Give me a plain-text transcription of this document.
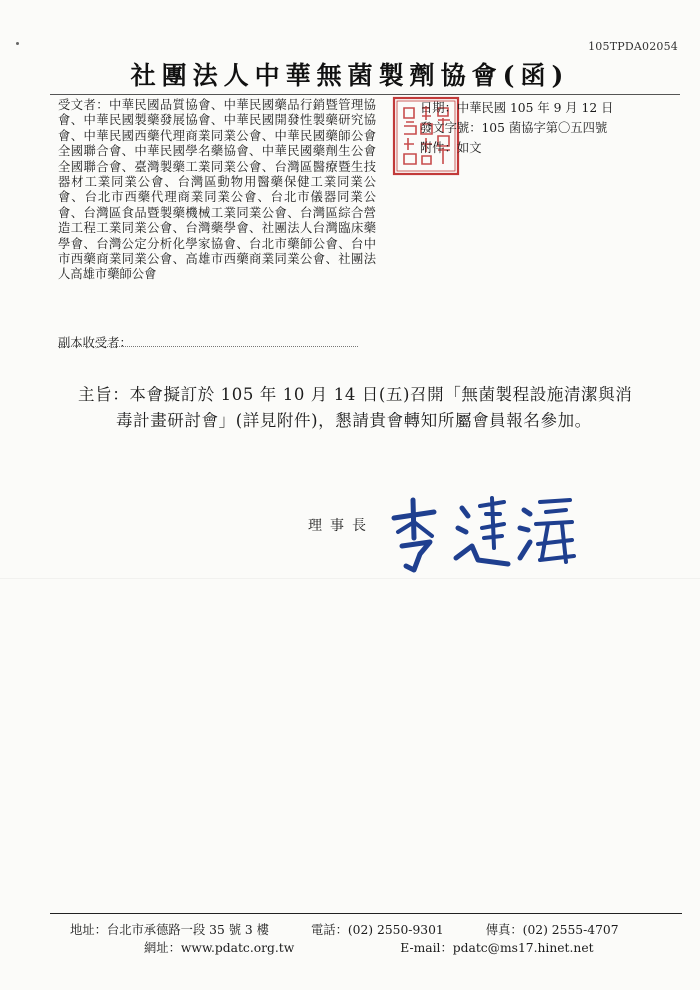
105TPDA02054
社團法人中華無菌製劑協會(函)
受文者：中華民國品質協會、中華民國藥品行銷暨管理協會、中華民國製藥發展協會、中華民國開發性製藥研究協會、中華民國西藥代理商業同業公會、中華民國藥師公會全國聯合會、中華民國學名藥協會、中華民國藥劑生公會全國聯合會、臺灣製藥工業同業公會、台灣區醫療暨生技器材工業同業公會、台灣區動物用醫藥保健工業同業公會、台北市西藥代理商業同業公會、台北市儀器同業公會、台灣區食品暨製藥機械工業同業公會、台灣區綜合營造工程工業同業公會、台灣藥學會、社團法人台灣臨床藥學會、台灣公定分析化學家協會、台北市藥師公會、台中市西藥商業同業公會、高雄市西藥商業同業公會、社團法人高雄市藥師公會
日期：中華民國 105 年 9 月 12 日
發文字號：105 菌協字第〇五四號
附件：如文
副本收受者：
主旨：本會擬訂於 105 年 10 月 14 日(五)召開「無菌製程設施清潔與消
毒計畫研討會」(詳見附件)，懇請貴會轉知所屬會員報名參加。
理事長
地址：台北市承德路一段 35 號 3 樓	電話：(02) 2550-9301	傳真：(02) 2555-4707
網址：www.pdatc.org.tw	E-mail：pdatc@ms17.hinet.net
